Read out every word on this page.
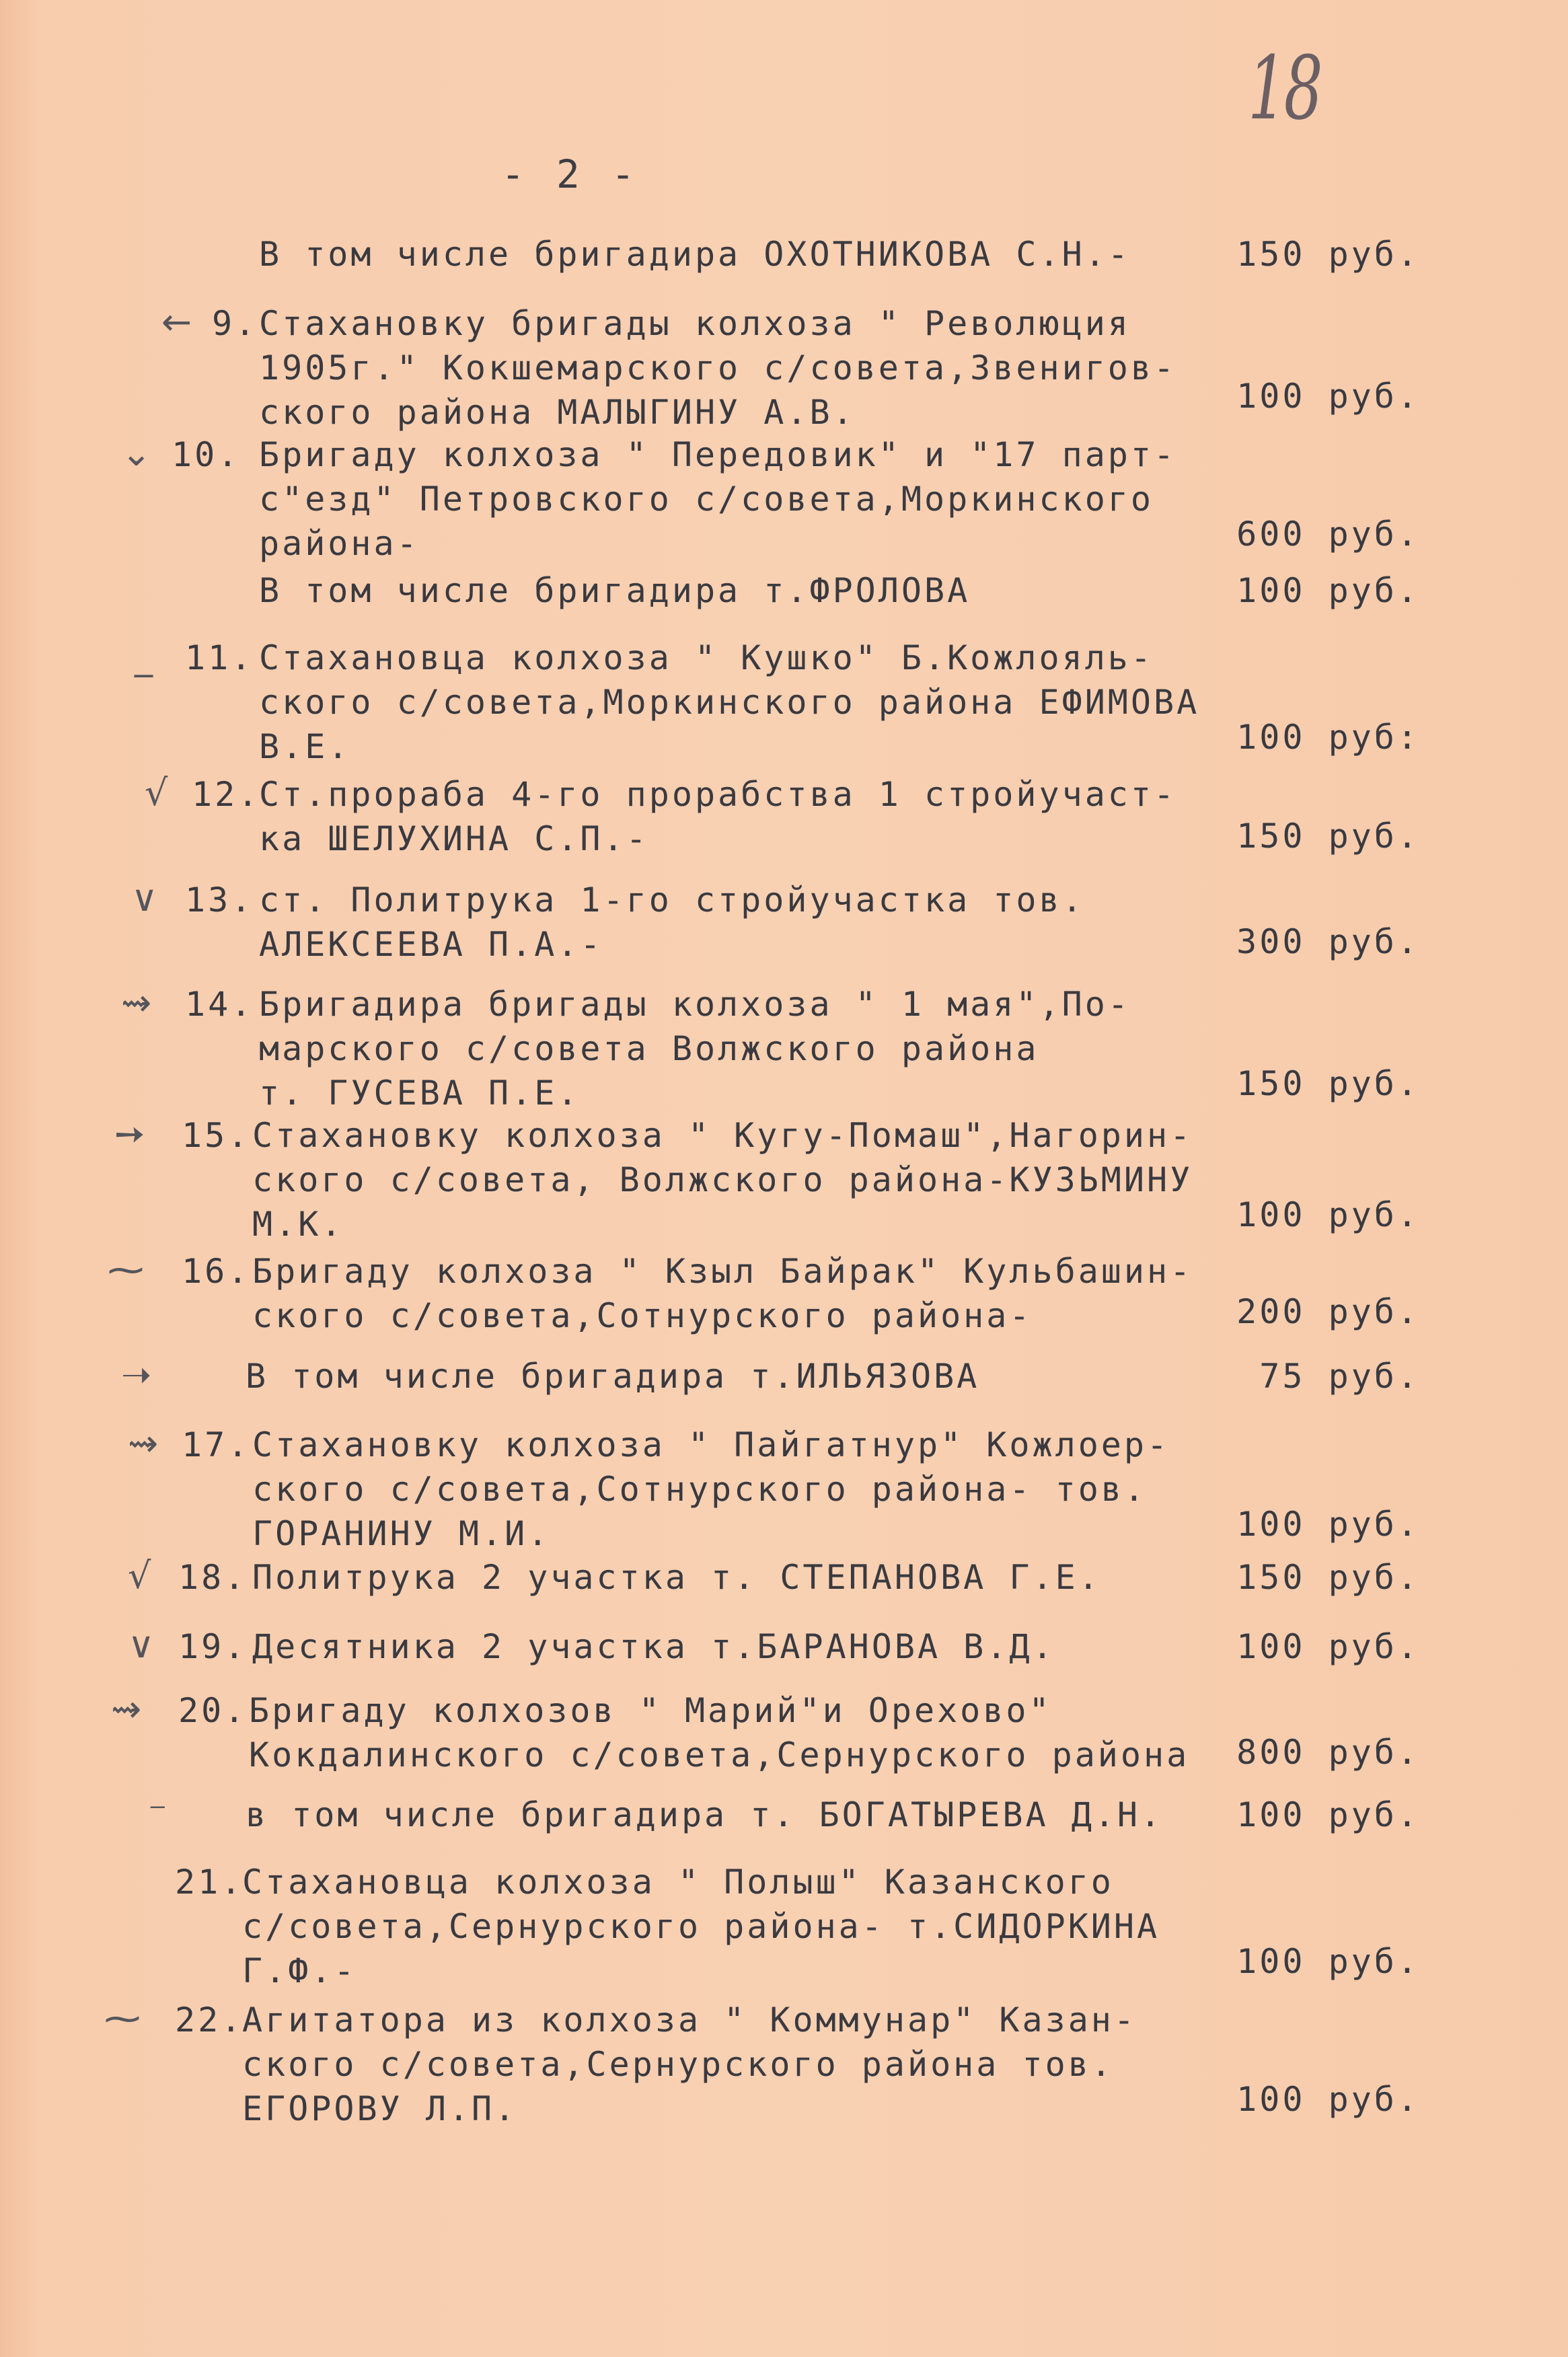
18
- 2 -
В том числе бригадира ОХОТНИКОВА С.Н.-	150 руб.
← 9. Стахановку бригады колхоза " Революция
1905г." Кокшемарского с/совета,Звенигов-
ского района МАЛЫГИНУ А.В.	100 руб.
⌄ 10. Бригаду колхоза " Передовик" и "17 парт-
с"езд" Петровского с/совета,Моркинского
района-	600 руб.
В том числе бригадира т.ФРОЛОВА	100 руб.
_ 11. Стахановца колхоза " Кушко" Б.Кожлояль-
ского с/совета,Моркинского района ЕФИМОВА
В.Е.	100 руб:
√ 12.
Ст.прораба 4-го прорабства 1 стройучаст-
ка ШЕЛУХИНА С.П.-	150 руб.
∨ 13. ст. Политрука 1-го стройучастка тов.
АЛЕКСЕЕВА П.А.-	300 руб.
⇝ 14. Бригадира бригады колхоза " 1 мая",По-
марского с/совета Волжского района
т. ГУСЕВА П.Е.	150 руб.
➙ 15. Стахановку колхоза " Кугу-Помаш",Нагорин-
ского с/совета, Волжского района-КУЗЬМИНУ
М.К.	100 руб.
⁓ 16. Бригаду колхоза " Кзыл Байрак" Кульбашин-
ского с/совета,Сотнурского района-	200 руб.
➝	В том числе бригадира т.ИЛЬЯЗОВА	75 руб.
⇝ 17. Стахановку колхоза " Пайгатнур" Кожлоер-
ского с/совета,Сотнурского района- тов.
ГОРАНИНУ М.И.	100 руб.
√ 18. Политрука 2 участка т. СТЕПАНОВА Г.Е.	150 руб.
∨ 19. Десятника 2 участка т.БАРАНОВА В.Д.	100 руб.
⇝ 20. Бригаду колхозов " Марий"и Орехово"
Кокдалинского с/совета,Сернурского района 800 руб.
⁻ в том числе бригадира т. БОГАТЫРЕВА Д.Н. 100 руб.
21.
Стахановца колхоза " Полыш" Казанского
с/совета,Сернурского района- т.СИДОРКИНА
Г.Ф.-	100 руб.
⁓ 22.
Агитатора из колхоза " Коммунар" Казан-
ского с/совета,Сернурского района тов.
ЕГОРОВУ Л.П.	100 руб.
